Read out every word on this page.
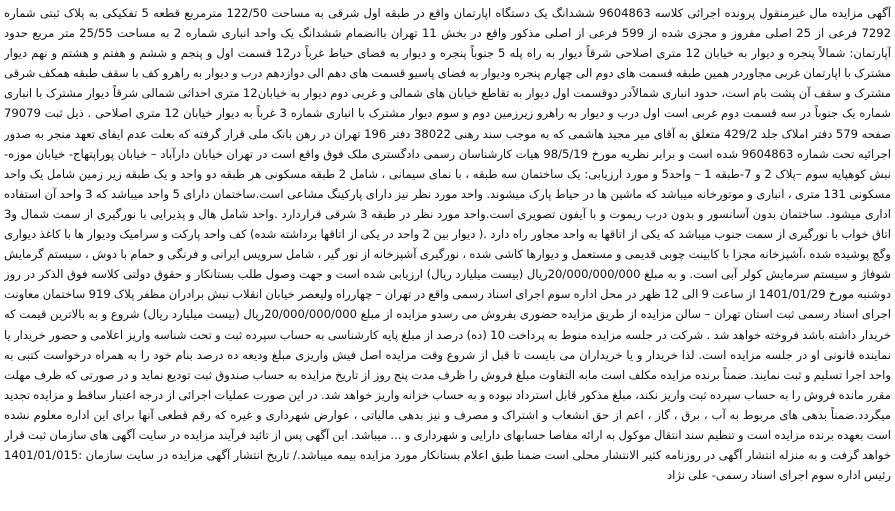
آگهی مزایده مال غیرمنقول پرونده اجرائی کلاسه 9604863 ششدانگ یک دستگاه اپارتمان واقع در طبقه اول شرقی به مساحت 122/50 مترمربع قطعه 5 تفکیکی به پلاک ثبتی شماره 7292 فرعی از 25 اصلی مفروز و مجزی شده از 599 فرعی از اصلی مذکور واقع در بخش 11 تهران باانضمام ششدانگ یک واحد انباری شماره 2 به مساحت 25/55 متر مربع حدود آپارتمان: شمالاً پنجره و دیوار به خیابان 12 متری اصلاحی شرقاً دیوار به راه پله 5 جنوباً پنجره و دیوار به فضای حیاط غرباً در12 قسمت اول و پنجم و ششم و هفتم و هشتم و نهم دیوار مشترک با اپارتمان غربی مجاوردر همین طبقه قسمت های دوم الی چهارم پنجره ودیوار به فضای پاسیو قسمت های دهم الی دوازدهم درب و دیوار به راهرو کف با سقف طبقه همکف شرقی مشترک و سقف آن پشت بام است، حدود انباری شمالاًدر دوقسمت اول دیوار به تقاطع خیابان های شمالی و غربی دوم دیوار به خیابان12 متری احداثی شمالی شرقاً دیوار مشترک با انباری شماره یک جنوباً در سه قسمت دوم غربی است اول درب و دیوار به راهرو زیرزمین دوم و سوم دیوار مشترک با انباری شماره 3 غرباً به دیوار خیابان 12 متری اصلاحی . ذیل ثبت 79079 صفحه 579 دفتر املاک جلد 429/2 متعلق به آقای میر مجید هاشمی که به موجب سند رهنی 38022 دفتر 196 تهران در رهن بانک ملی قرار گرفته که بعلت عدم ایفای تعهد منجر به صدور اجرائیه تحت شماره 9604863 شده است و برابر نظریه مورخ 98/5/19 هیات کارشناسان رسمی دادگستری ملک فوق واقع است در تهران خیابان دارآباد – خیابان پوراپتهاج- خیابان موزه- نبش کوهپایه سوم –پلاک 2 و 7-طبقه 1 – واحد5 و مورد ارزیابی: یک ساختمان سه طبقه ، با نمای سیمانی ، شامل 2 طبقه مسکونی هر طبقه دو واحد و یک طبقه زیر زمین شامل یک واحد مسکونی 131 متری ، انباری و موتورخانه میباشد که ماشین ها در حیاط پارک میشوند. واحد مورد نظر نیز دارای پارکینگ مشاعی است.ساختمان دارای 5 واحد میباشد که 3 واحد آن استفاده اداری میشود. ساختمان بدون آسانسور و بدون درب ریموت و با آیفون تصویری است.واحد مورد نظر در طبقه 3 شرقی قراردارد .واحد شامل هال و پذیرایی با نورگیری از سمت شمال و3 اتاق خواب با نورگیری از سمت جنوب میباشد که یکی از اتاقها به واحد مجاور راه دارد .( دیوار بین 2 واحد در یکی از اتاقها برداشته شده) کف واحد پارکت و سرامیک ودیوار ها با کاغذ دیواری وگچ پوشیده شده ،آشپزخانه مجزا با کابینت چوبی قدیمی و مستعمل و دیوارها کاشی شده ، نورگیری آشپزخانه از نور گیر ، شامل سرویس ایرانی و فرنگی و حمام با دوش ، سیستم گرمایش شوفاژ و سیستم سرمایش کولر آبی است. و به مبلغ 20/000/000/000ریال (بیست میلیارد ریال) ارزیابی شده است و جهت وصول طلب بستانکار و حقوق دولتی کلاسه فوق الذکر در روز دوشنبه مورخ 1401/01/29 از ساعت 9 الی 12 ظهر در محل اداره سوم اجرای اسناد رسمی واقع در تهران – چهارراه ولیعصر خیابان انقلاب نبش برادران مظفر پلاک 919 ساختمان معاونت اجرای اسناد رسمی ثبت استان تهران – سالن مزایده از طریق مزایده حضوری بفروش می رسدو مزایده از مبلغ 20/000/000/000ریال (بیست میلیارد ریال) شروع و به بالاترین قیمت که خریدار داشته باشد فروخته خواهد شد . شرکت در جلسه مزایده منوط به پرداخت 10 (ده) درصد از مبلغ پایه کارشناسی به حساب سپرده ثبت و تحت شناسه واریز اعلامی و حضور خریدار یا نماینده قانونی او در جلسه مزایده است. لذا خریدار و یا خریداران می بایست تا قبل از شروع وقت مزایده اصل فیش واریزی مبلغ ودیعه ده درصد بنام خود را به همراه درخواست کتبی به واحد اجرا تسلیم و ثبت نمایند. ضمناً برنده مزایده مکلف است مابه التفاوت مبلغ فروش را ظرف مدت پنج روز از تاریخ مزایده به حساب صندوق ثبت تودیع نماید و در صورتی که ظرف مهلت مقرر مانده فروش را به حساب سپرده ثبت واریز نکند، مبلغ مذکور قابل استرداد نبوده و به حساب خزانه واریز خواهد شد. در این صورت عملیات اجرائی از درجه اعتبار ساقط و مزایده تجدید میگردد.ضمناً بدهی های مربوط به آب ، برق ، گاز ، اعم از حق انشعاب و اشتراک و مصرف و نیز بدهی مالیاتی ، عوارض شهرداری و غیره که رقم قطعی آنها برای این اداره معلوم نشده است بعهده برنده مزایده است و تنظیم سند انتقال موکول به ارائه مفاصا حسابهای دارایی و شهرداری و ... میباشد. این آگهی پس از تائید فرآیند مزایده در سایت آگهی های سازمان ثبت قرار خواهد گرفت و به منزله انتشار آگهی در روزنامه کثیر الانتشار محلی است ضمنا طبق اعلام بستانکار مورد مزایده بیمه میباشد./ تاریخ انتشار آگهی مزایده در سایت سازمان :1401/01/015 رئیس اداره سوم اجرای اسناد رسمی- علی نژاد
